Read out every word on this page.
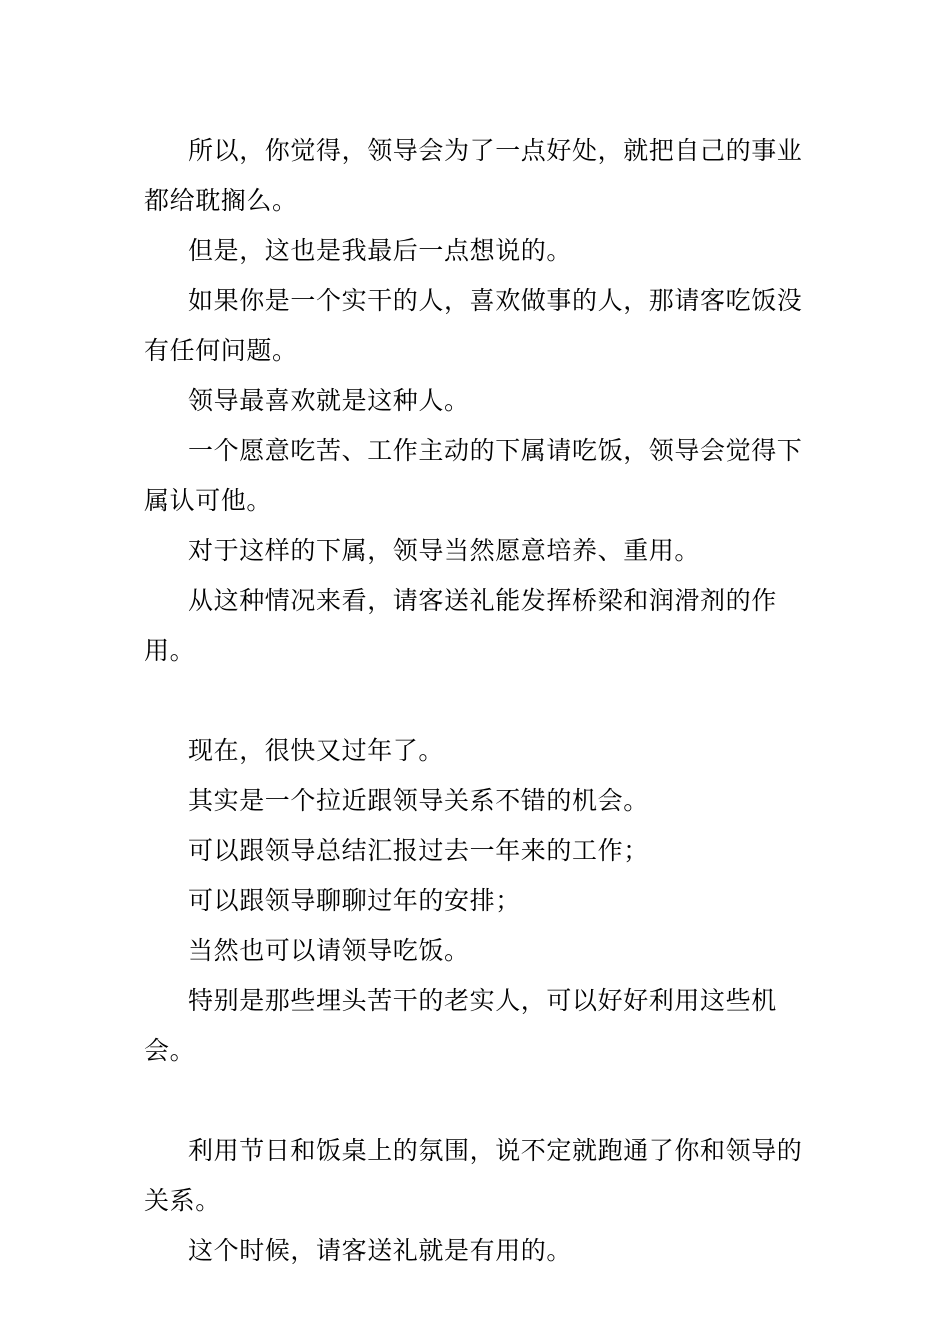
所以，你觉得，领导会为了一点好处，就把自己的事业都给耽搁么。

但是，这也是我最后一点想说的。

如果你是一个实干的人，喜欢做事的人，那请客吃饭没有任何问题。

领导最喜欢就是这种人。

一个愿意吃苦、工作主动的下属请吃饭，领导会觉得下属认可他。

对于这样的下属，领导当然愿意培养、重用。

从这种情况来看，请客送礼能发挥桥梁和润滑剂的作用。

现在，很快又过年了。

其实是一个拉近跟领导关系不错的机会。

可以跟领导总结汇报过去一年来的工作；

可以跟领导聊聊过年的安排；

当然也可以请领导吃饭。

特别是那些埋头苦干的老实人，可以好好利用这些机会。

利用节日和饭桌上的氛围，说不定就跑通了你和领导的关系。

这个时候，请客送礼就是有用的。
